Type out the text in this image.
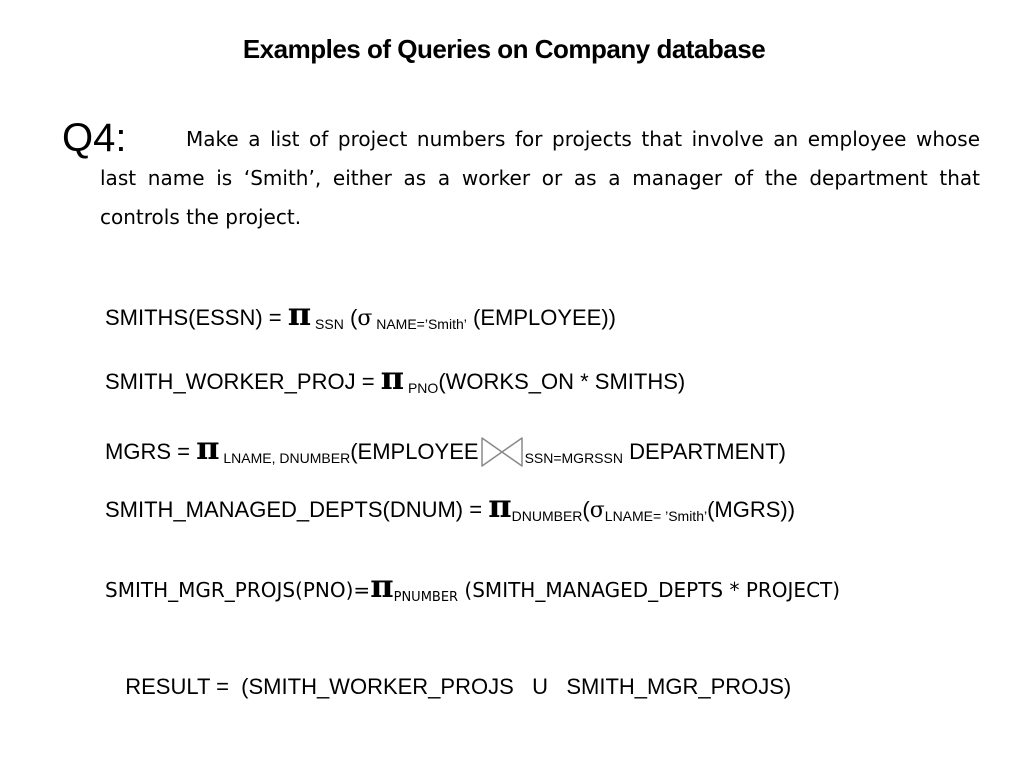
Examples of Queries on Company database
Q4:	Make a list of project numbers for projects that involve an employee whose last name is ‘Smith’, either as a worker or as a manager of the department that controls the project.

SMITHS(ESSN) = π $_{SSN}$ (σ $_{NAME=’Smith’}$ (EMPLOYEE))
SMITH_WORKER_PROJ = π $_{PNO}$(WORKS_ON * SMITHS)
MGRS = π $_{LNAME, DNUMBER}$(EMPLOYEE	$_{SSN=MGRSSN}$ DEPARTMENT)
SMITH_MANAGED_DEPTS(DNUM) = $\pi_{DNUMBER}(\sigma_{LNAME= ’Smith’}(MGRS))$
$SMITH\_MGR\_PROJS(PNO)=\pi_{PNUMBER}$ (SMITH_MANAGED_DEPTS * PROJECT)

RESULT =  (SMITH_WORKER_PROJS   U   SMITH_MGR_PROJS)
